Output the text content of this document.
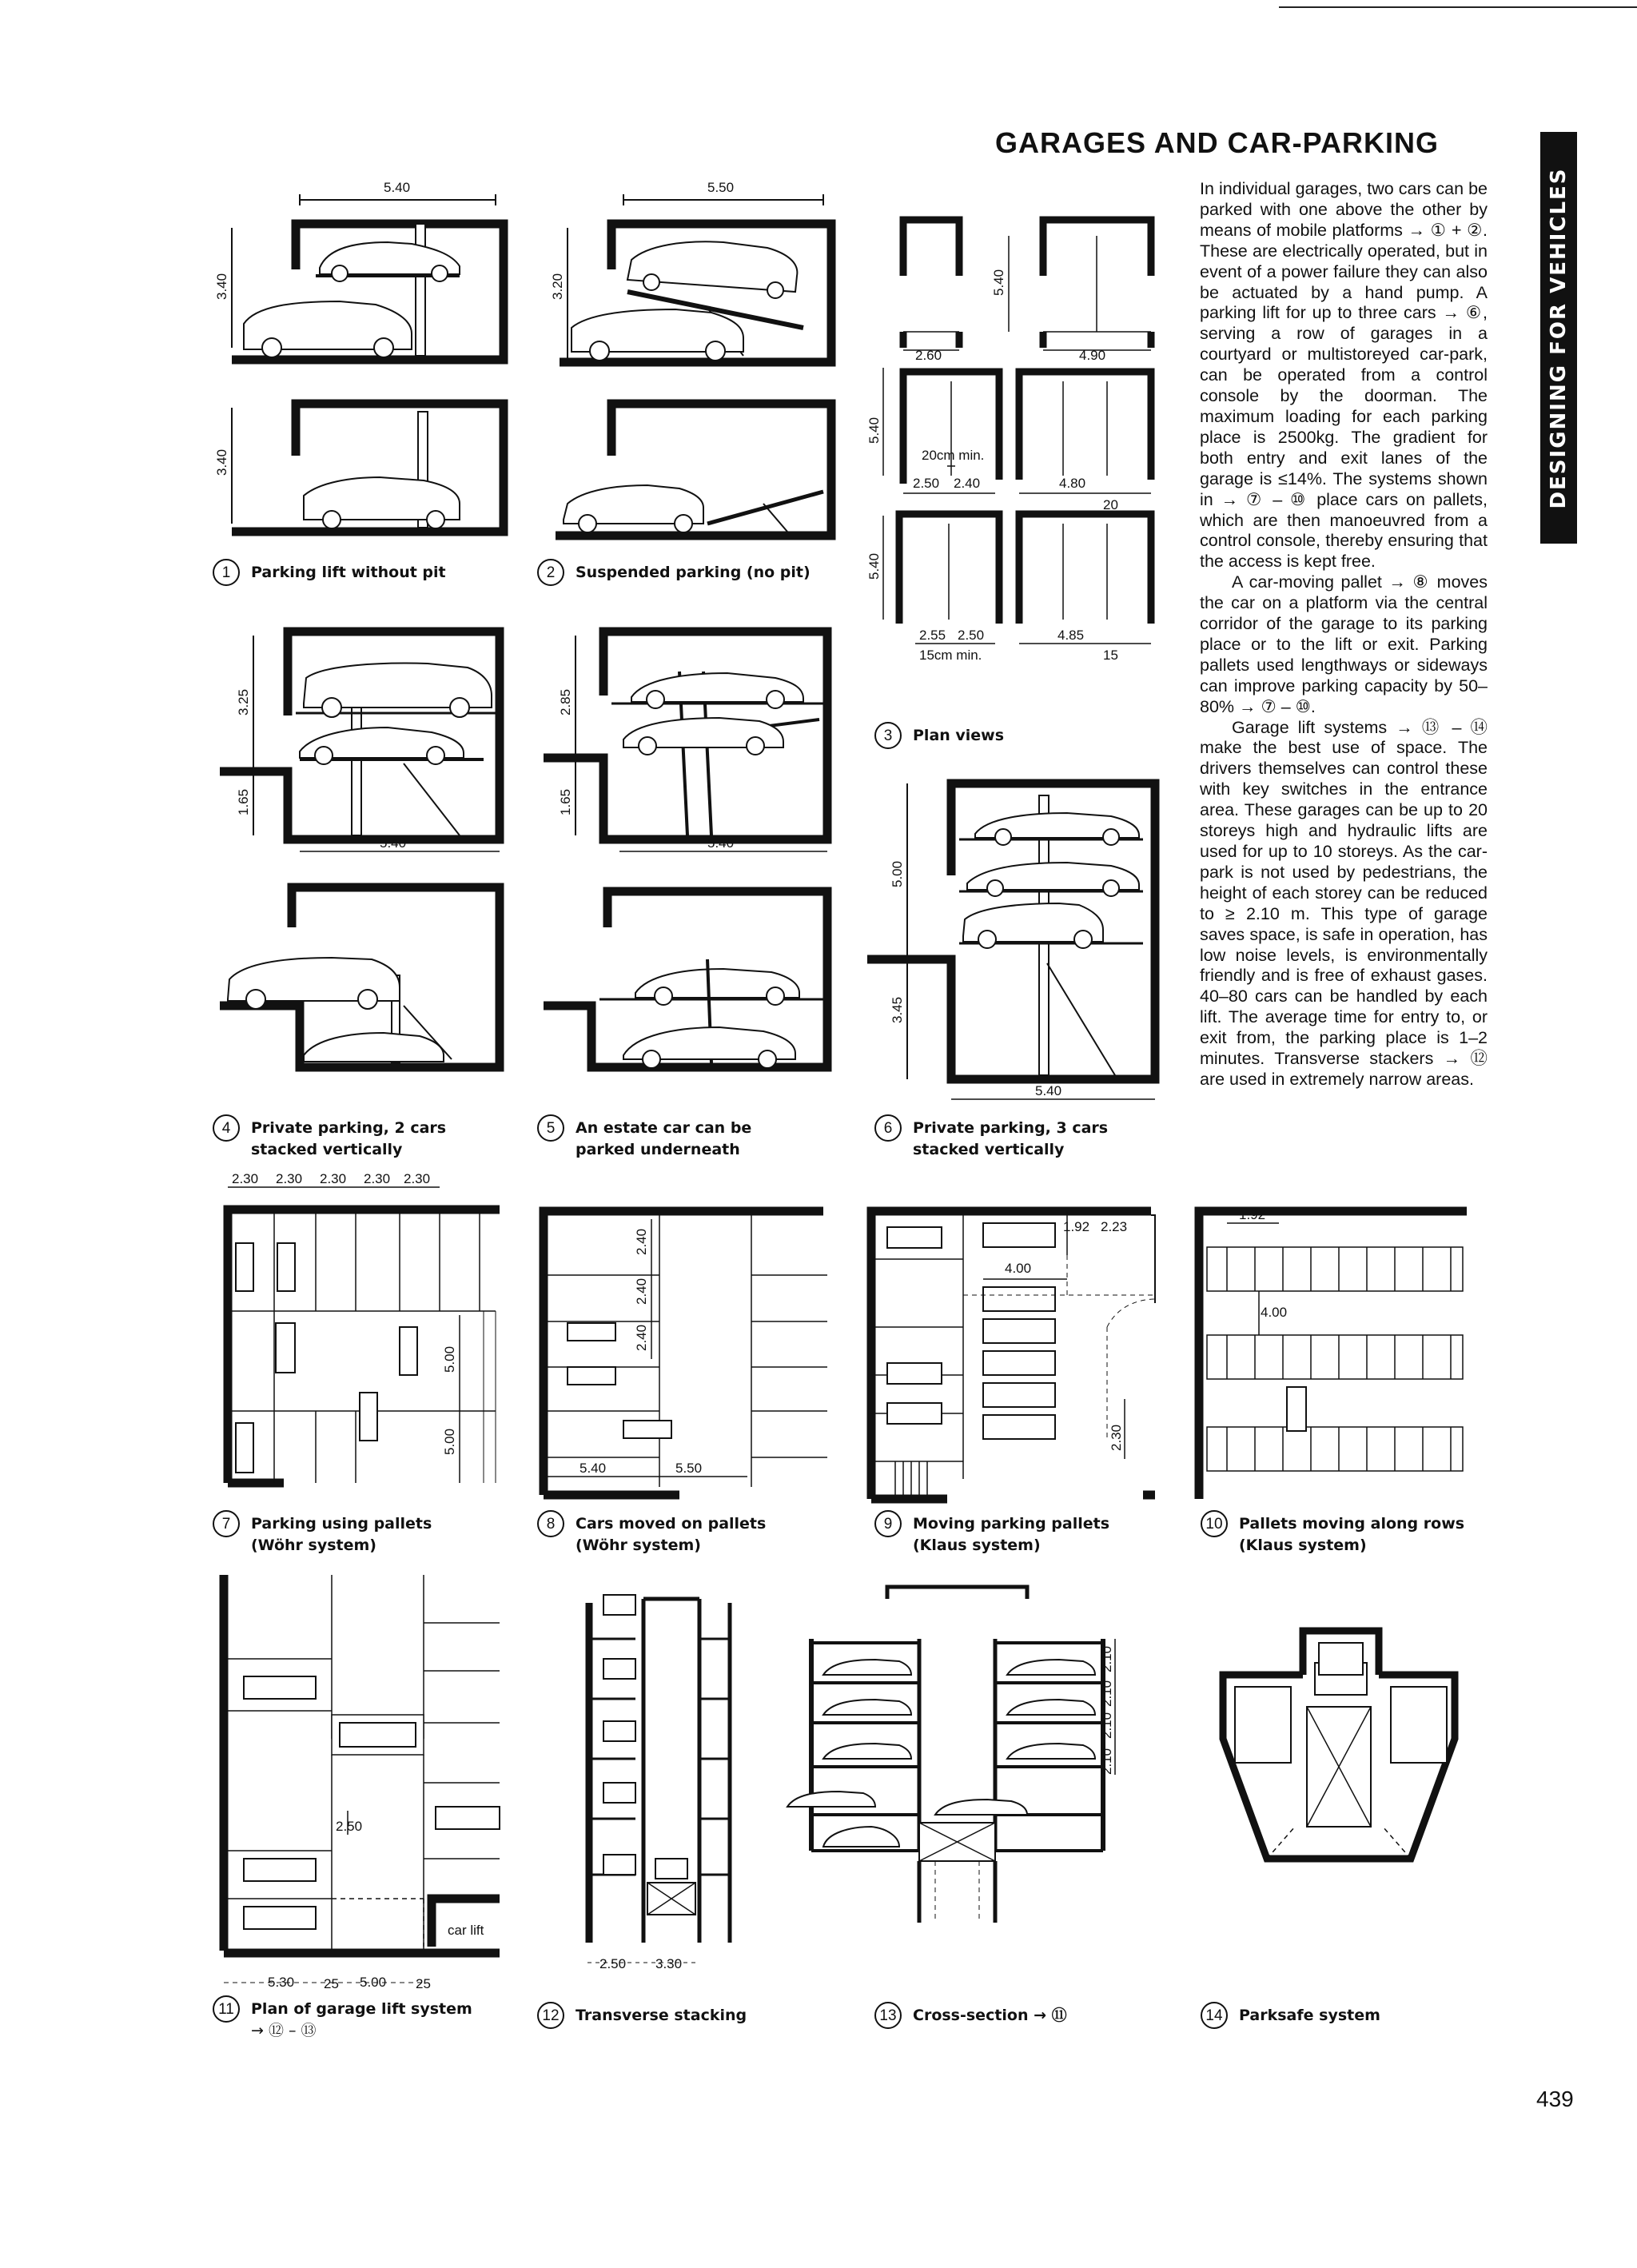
GARAGES AND CAR-PARKING
DESIGNING FOR VEHICLES

In individual garages, two cars can be parked with one above the other by means of mobile platforms → ① + ②. These are electrically operated, but in event of a power failure they can also be actuated by a hand pump. A parking lift for up to three cars → ⑥, serving a row of garages in a courtyard or multistoreyed car-park, can be operated from a control console by the doorman. The maximum loading for each parking place is 2500kg. The gradient for both entry and exit lanes of the garage is ≤14%. The systems shown in → ⑦ – ⑩ place cars on pallets, which are then manoeuvred from a control console, thereby ensuring that the access is kept free.

A car-moving pallet → ⑧ moves the car on a platform via the central corridor of the garage to its parking place or to the lift or exit. Parking pallets used lengthways or sideways can improve parking capacity by 50–80% → ⑦ – ⑩.

Garage lift systems → ⑬ – ⑭ make the best use of space. The drivers themselves can control these with key switches in the entrance area. These garages can be up to 20 storeys high and hydraulic lifts are used for up to 10 storeys. As the car-park is not used by pedestrians, the height of each storey can be reduced to ≥ 2.10 m. This type of garage saves space, is safe in operation, has low noise levels, is environmentally friendly and is free of exhaust gases. 40–80 cars can be handled by each lift. The average time for entry to, or exit from, the parking place is 1–2 minutes. Transverse stackers → ⑫ are used in extremely narrow areas.

5.40
3.40
3.40
1	Parking lift without pit
5.50
3.20
2	Suspended parking (no pit)
5.40
2.60	4.90
5.40
20cm min.
2.50 2.40	4.80
20
5.40
2.55 2.50
15cm min.
4.85
15
3	Plan views
3.25
1.65
5.40
4	Private parking, 2 cars
stacked vertically
2.85
1.65
5.40
5	An estate car can be
parked underneath
5.00
3.45
5.40
6	Private parking, 3 cars
stacked vertically
2.30 2.30 2.30 2.30 2.30
5.00
5.00
7	Parking using pallets
(Wöhr system)
2.40
2.40
2.40
5.40	5.50
8	Cars moved on pallets
(Wöhr system)
1.92 2.23
4.00
2.30
9	Moving parking pallets
(Klaus system)
1.92
4.00
10	Pallets moving along rows
(Klaus system)
2.50
car lift
5.30 25 5.00 25
11	Plan of garage lift system
→ ⑫ – ⑬
2.50 3.30
12	Transverse stacking
2.10
2.10
2.10
2.10
13	Cross-section → ⑪	14	Parksafe system
439
